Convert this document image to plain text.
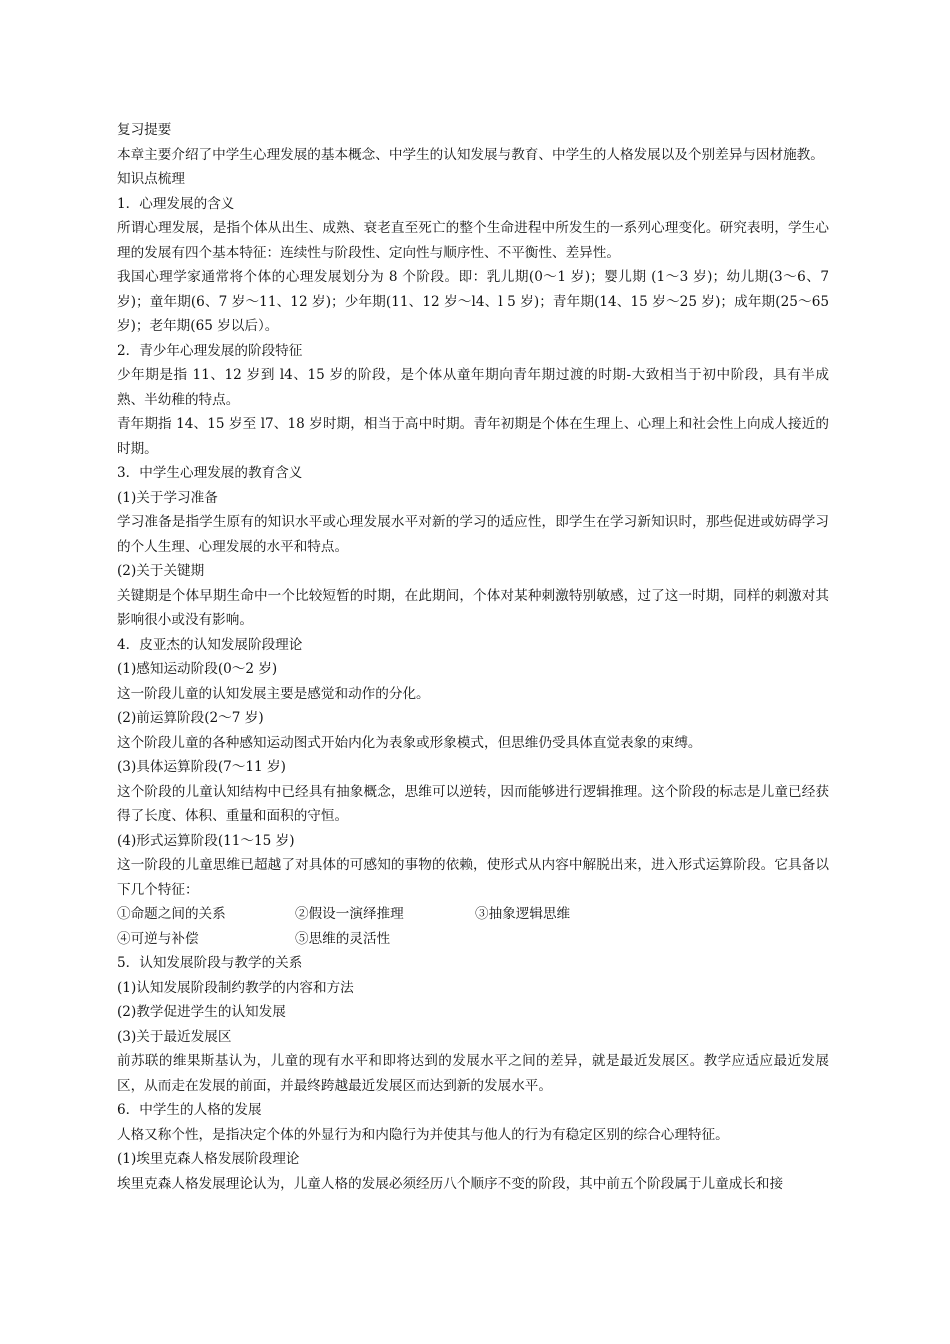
复习提要

本章主要介绍了中学生心理发展的基本概念、中学生的认知发展与教育、中学生的人格发展以及个别差异与因材施教。

知识点梳理

1．心理发展的含义

所谓心理发展，是指个体从出生、成熟、衰老直至死亡的整个生命进程中所发生的一系列心理变化。研究表明，学生心理的发展有四个基本特征：连续性与阶段性、定向性与顺序性、不平衡性、差异性。

我国心理学家通常将个体的心理发展划分为 8 个阶段。即：乳儿期(0～1 岁)；婴儿期 (1～3 岁)；幼儿期(3～6、7 岁)；童年期(6、7 岁～11、12 岁)；少年期(11、12 岁～l4、l 5 岁)；青年期(14、15 岁～25 岁)；成年期(25～65 岁)；老年期(65 岁以后）。

2．青少年心理发展的阶段特征

少年期是指 11、12 岁到 l4、15 岁的阶段，是个体从童年期向青年期过渡的时期-大致相当于初中阶段，具有半成熟、半幼稚的特点。

青年期指 14、15 岁至 l7、18 岁时期，相当于高中时期。青年初期是个体在生理上、心理上和社会性上向成人接近的时期。

3．中学生心理发展的教育含义

(1)关于学习准备

学习准备是指学生原有的知识水平或心理发展水平对新的学习的适应性，即学生在学习新知识时，那些促进或妨碍学习的个人生理、心理发展的水平和特点。

(2)关于关键期

关键期是个体早期生命中一个比较短暂的时期，在此期间，个体对某种刺激特别敏感，过了这一时期，同样的刺激对其影响很小或没有影响。

4．皮亚杰的认知发展阶段理论

(1)感知运动阶段(0～2 岁)

这一阶段儿童的认知发展主要是感觉和动作的分化。

(2)前运算阶段(2～7 岁)

这个阶段儿童的各种感知运动图式开始内化为表象或形象模式，但思维仍受具体直觉表象的束缚。

(3)具体运算阶段(7～11 岁)

这个阶段的儿童认知结构中已经具有抽象概念，思维可以逆转，因而能够进行逻辑推理。这个阶段的标志是儿童已经获得了长度、体积、重量和面积的守恒。

(4)形式运算阶段(11～15 岁)

这一阶段的儿童思维已超越了对具体的可感知的事物的依赖，使形式从内容中解脱出来，进入形式运算阶段。它具备以下几个特征：

①命题之间的关系	②假设一演绎推理	③抽象逻辑思维
④可逆与补偿	⑤思维的灵活性

5．认知发展阶段与教学的关系

(1)认知发展阶段制约教学的内容和方法

(2)教学促进学生的认知发展

(3)关于最近发展区

前苏联的维果斯基认为，儿童的现有水平和即将达到的发展水平之间的差异，就是最近发展区。教学应适应最近发展区，从而走在发展的前面，并最终跨越最近发展区而达到新的发展水平。

6．中学生的人格的发展

人格又称个性，是指决定个体的外显行为和内隐行为并使其与他人的行为有稳定区别的综合心理特征。

(1)埃里克森人格发展阶段理论

埃里克森人格发展理论认为，儿童人格的发展必须经历八个顺序不变的阶段，其中前五个阶段属于儿童成长和接
